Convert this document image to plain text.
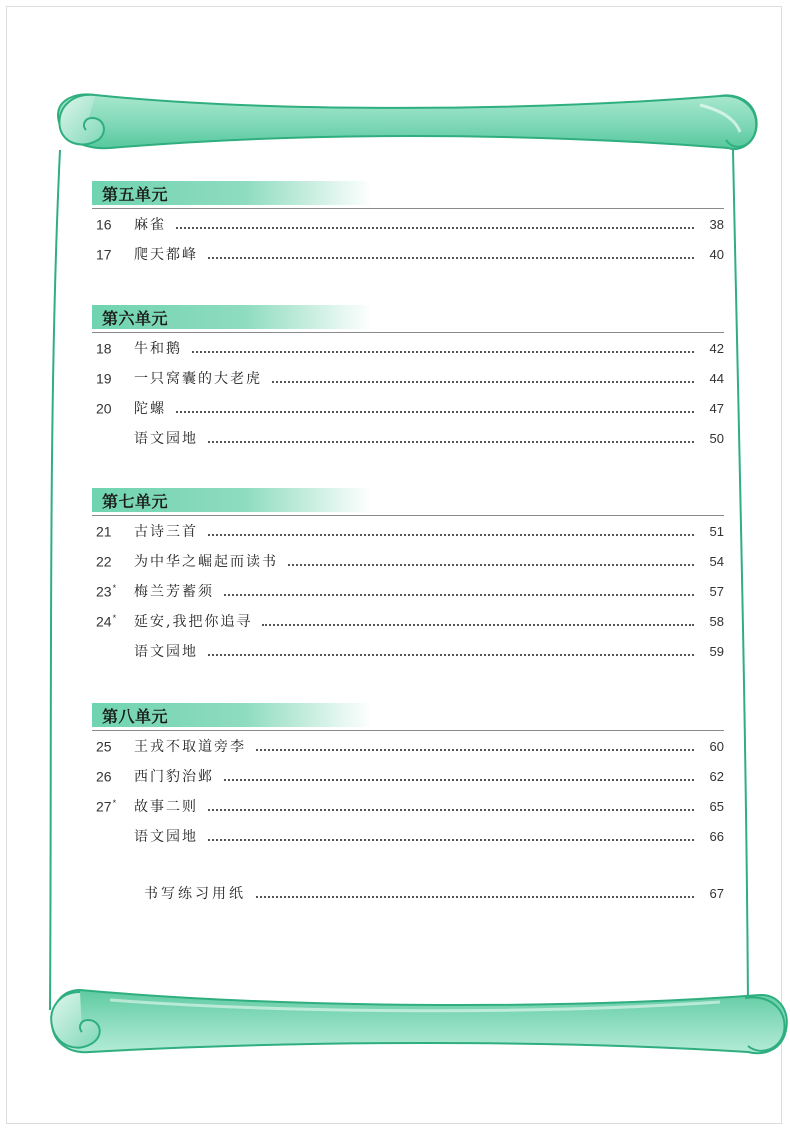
第五单元
16	麻雀	38
17	爬天都峰	40
第六单元
18	牛和鹅	42
19	一只窝囊的大老虎	44
20	陀螺	47
语文园地	50
第七单元
21	古诗三首	51
22	为中华之崛起而读书	54
23*	梅兰芳蓄须	57
24*	延安,我把你追寻	58
语文园地	59
第八单元
25	王戎不取道旁李	60
26	西门豹治邺	62
27*	故事二则	65
语文园地	66
书写练习用纸	67
